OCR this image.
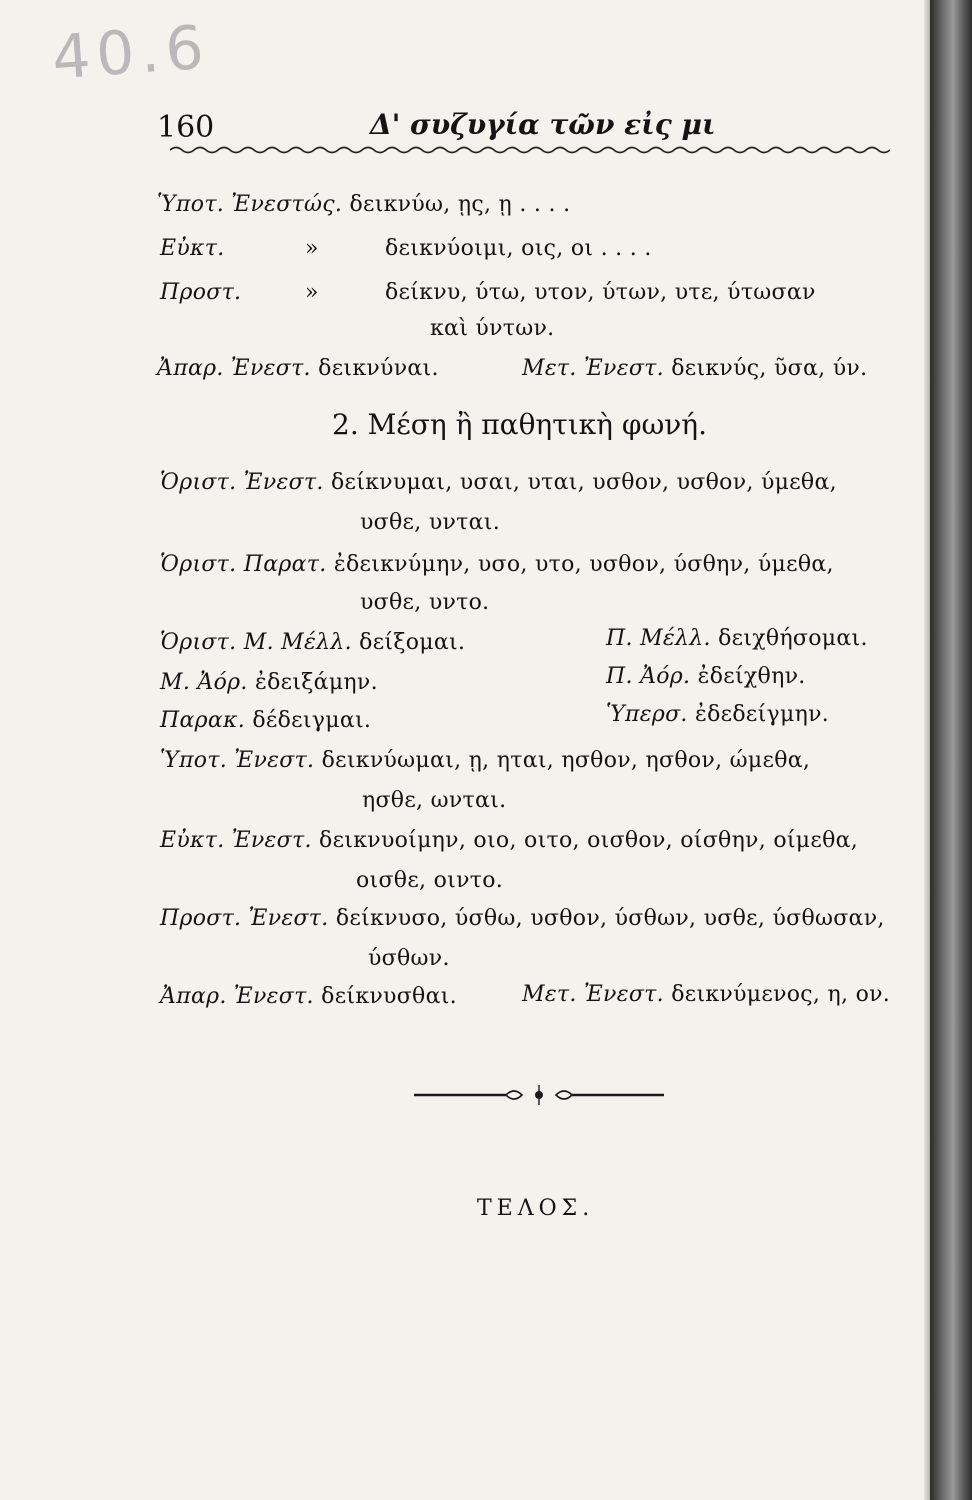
40.6
160	Δ' συζυγία τῶν εἰς μι
Ὑποτ. Ἐνεστώς. δεικνύω, ῃς, ῃ . . . .
Εὐκτ.	»	δεικνύοιμι, οις, οι . . . .
Προστ.	»	δείκνυ, ύτω, υτον, ύτων, υτε, ύτωσαν
καὶ ύντων.
Ἀπαρ. Ἐνεστ. δεικνύναι.	Μετ. Ἐνεστ. δεικνύς, ῦσα, ύν.
2. Μέση ἢ παθητικὴ φωνή.
Ὁριστ. Ἐνεστ. δείκνυμαι, υσαι, υται, υσθον, υσθον, ύμεθα,
υσθε, υνται.
Ὁριστ. Παρατ. ἐδεικνύμην, υσο, υτο, υσθον, ύσθην, ύμεθα,
υσθε, υντο.
Ὁριστ. Μ. Μέλλ. δείξομαι.	Π. Μέλλ. δειχθήσομαι.
Μ. Ἀόρ. ἐδειξάμην.	Π. Ἀόρ. ἐδείχθην.
Παρακ. δέδειγμαι.	Ὑπερσ. ἐδεδείγμην.
Ὑποτ. Ἐνεστ. δεικνύωμαι, ῃ, ηται, ησθον, ησθον, ώμεθα,
ησθε, ωνται.
Εὐκτ. Ἐνεστ. δεικνυοίμην, οιο, οιτο, οισθον, οίσθην, οίμεθα,
οισθε, οιντο.
Προστ. Ἐνεστ. δείκνυσο, ύσθω, υσθον, ύσθων, υσθε, ύσθωσαν,
ύσθων.
Ἀπαρ. Ἐνεστ. δείκνυσθαι.	Μετ. Ἐνεστ. δεικνύμενος, η, ον.
ΤΕΛΟΣ.
